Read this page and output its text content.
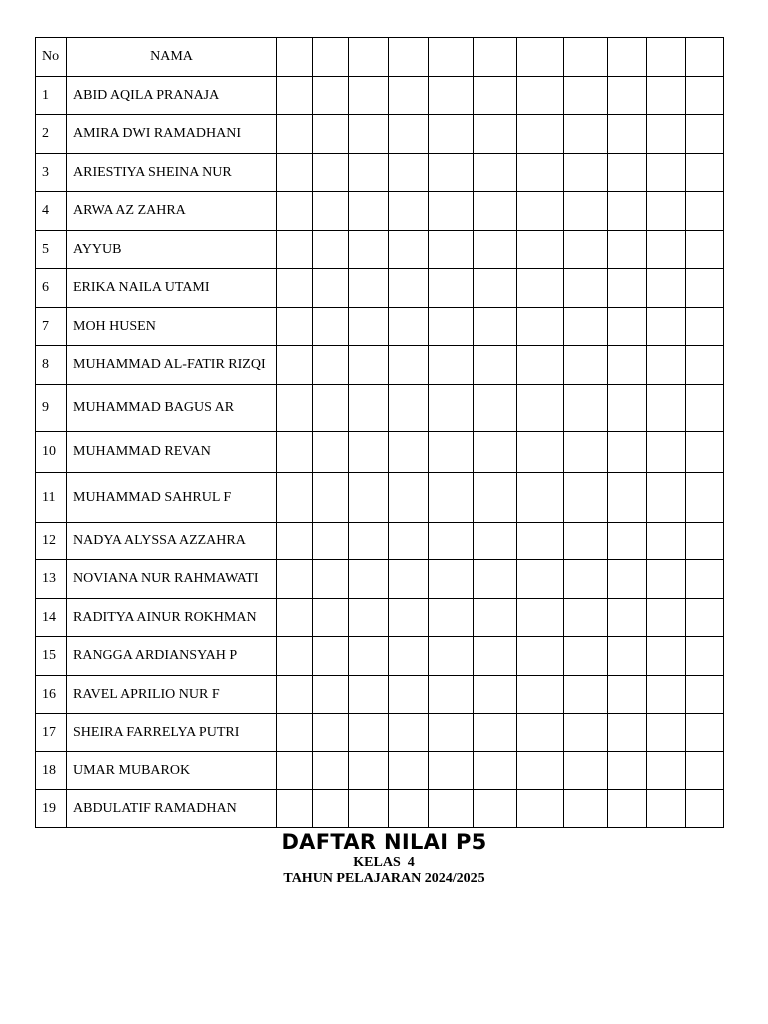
No	NAMA											
1	ABID AQILA PRANAJA											
2	AMIRA DWI RAMADHANI											
3	ARIESTIYA SHEINA NUR											
4	ARWA AZ ZAHRA											
5	AYYUB											
6	ERIKA NAILA UTAMI											
7	MOH HUSEN											
8	MUHAMMAD AL-FATIR RIZQI											
9	MUHAMMAD BAGUS AR											
10	MUHAMMAD REVAN											
11	MUHAMMAD SAHRUL F											
12	NADYA ALYSSA AZZAHRA											
13	NOVIANA NUR RAHMAWATI											
14	RADITYA AINUR ROKHMAN											
15	RANGGA ARDIANSYAH P											
16	RAVEL APRILIO NUR F											
17	SHEIRA FARRELYA PUTRI											
18	UMAR MUBAROK											
19	ABDULATIF RAMADHAN											
DAFTAR NILAI P5
KELAS  4
TAHUN PELAJARAN 2024/2025
